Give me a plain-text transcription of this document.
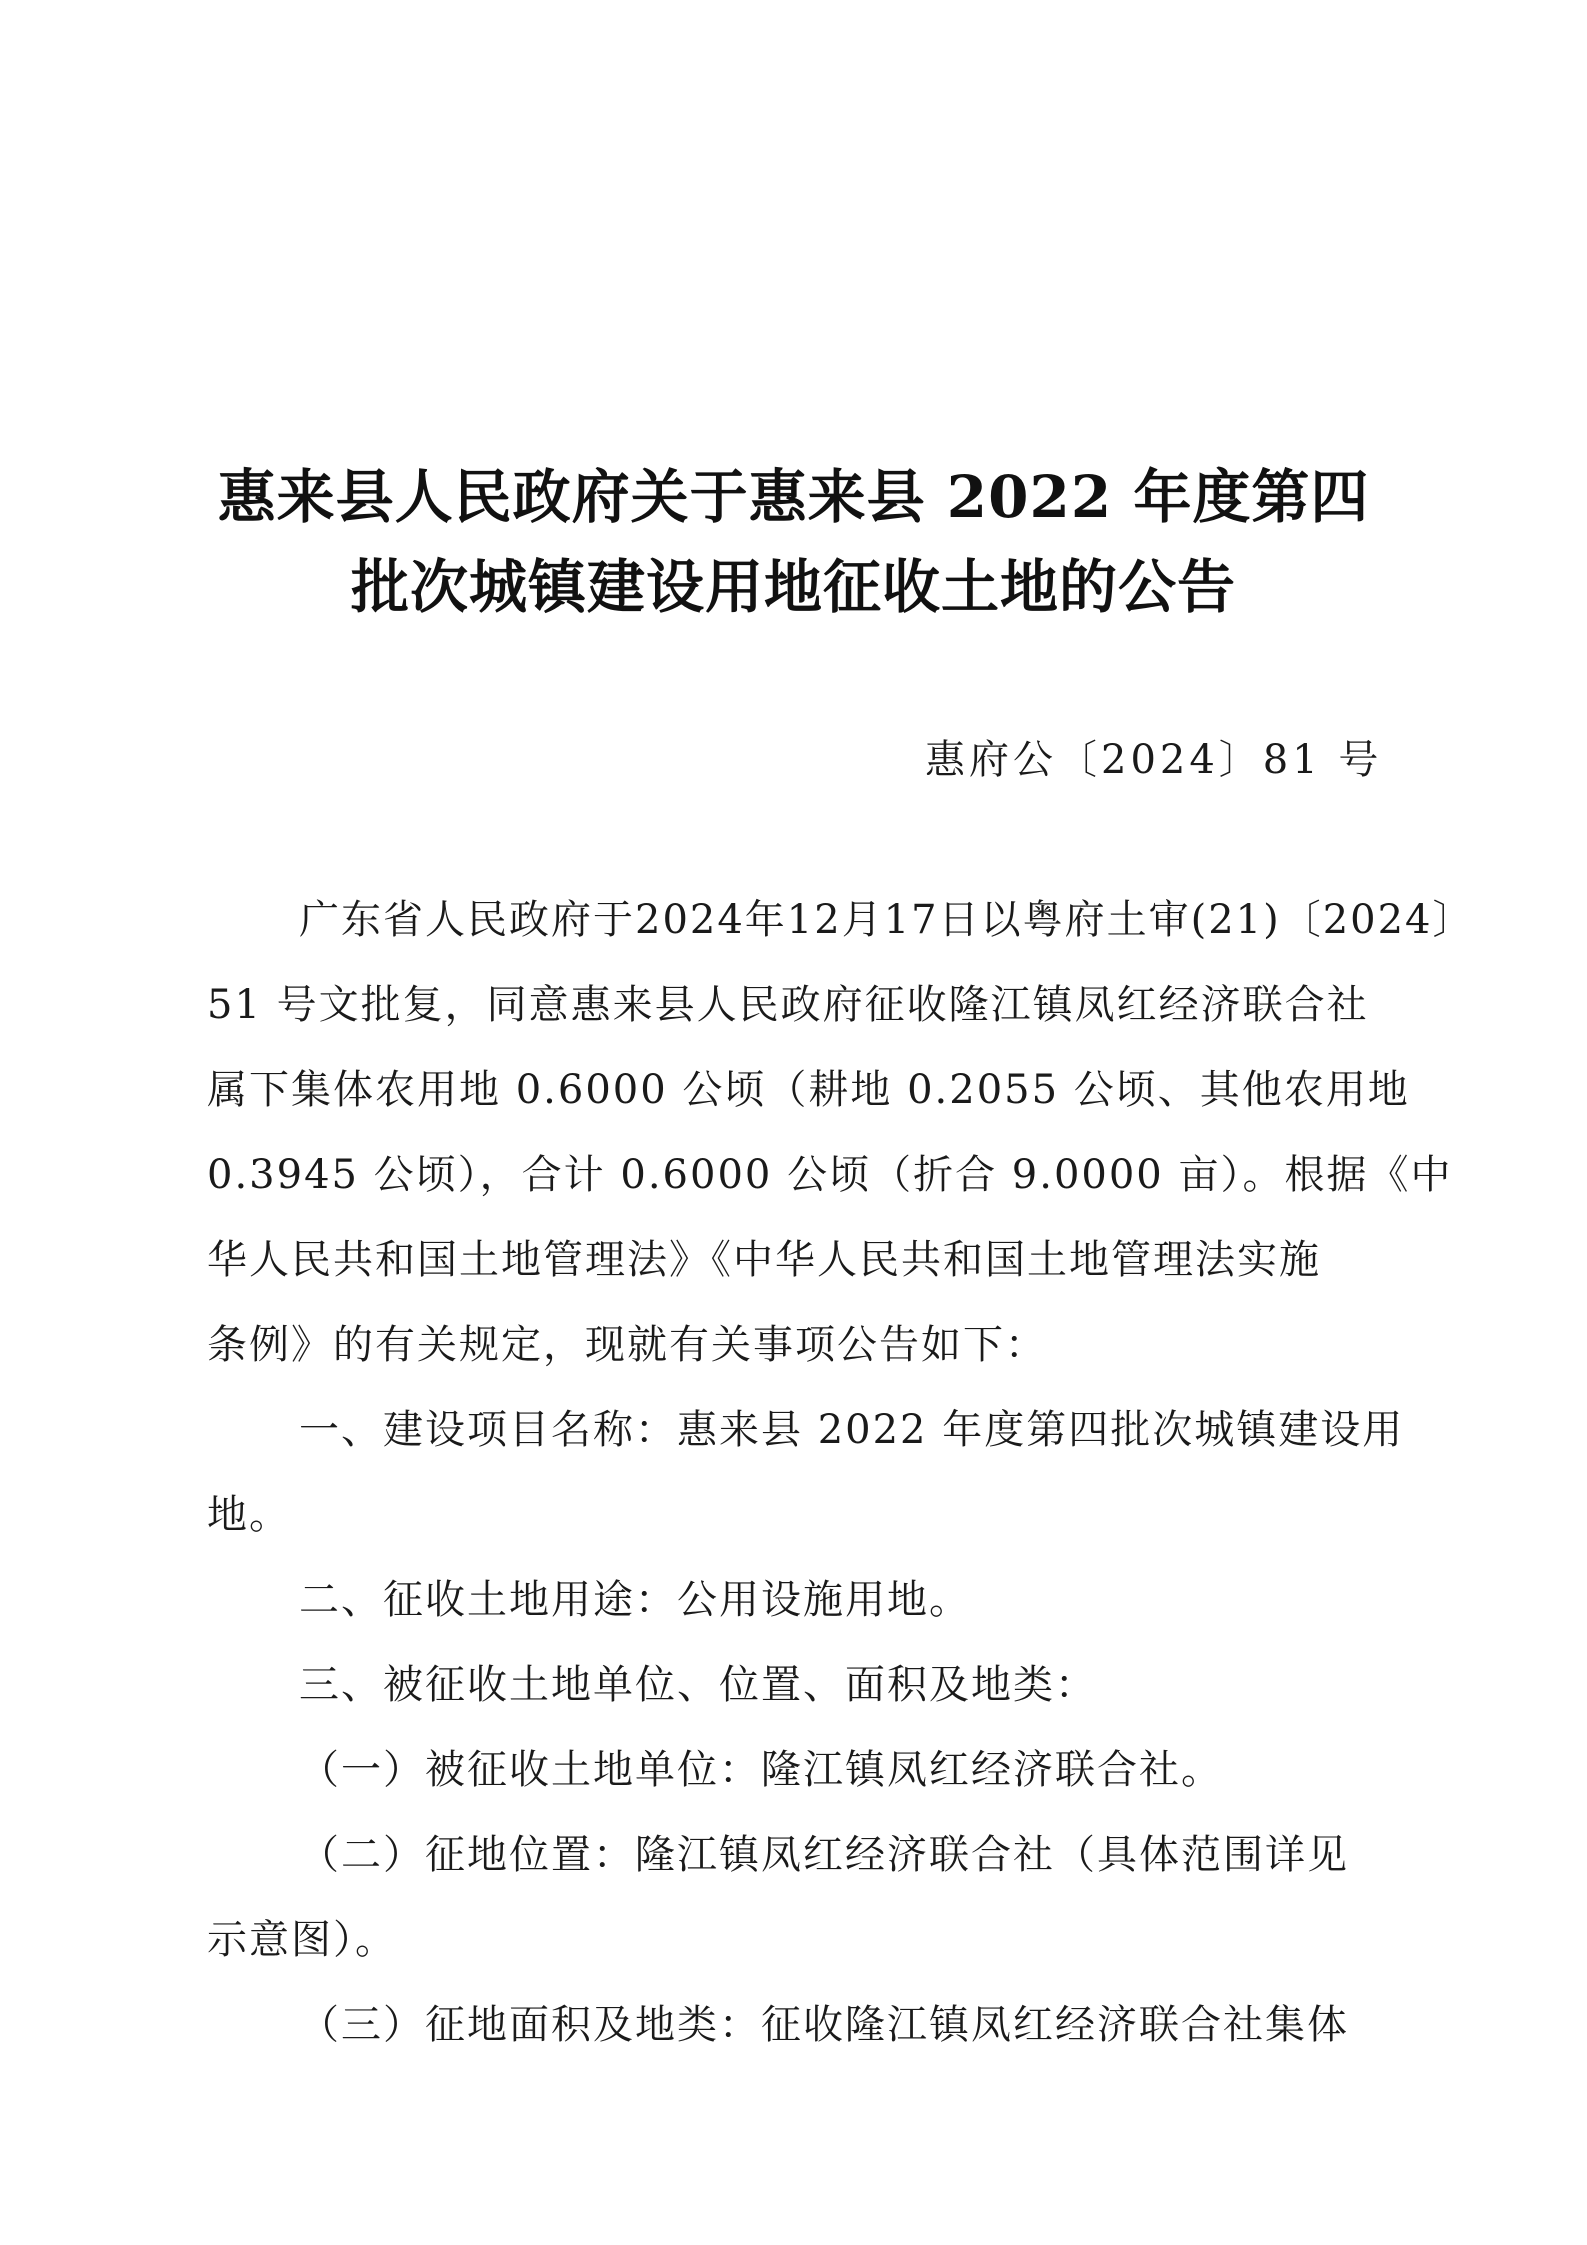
惠来县人民政府关于惠来县 2022 年度第四
批次城镇建设用地征收土地的公告
惠府公〔2024〕81 号

广东省人民政府于2024年12月17日以粤府土审(21)〔2024〕
51 号文批复，同意惠来县人民政府征收隆江镇凤红经济联合社
属下集体农用地 0.6000 公顷（耕地 0.2055 公顷、其他农用地
0.3945 公顷），合计 0.6000 公顷（折合 9.0000 亩）。根据《中
华人民共和国土地管理法》《中华人民共和国土地管理法实施
条例》的有关规定，现就有关事项公告如下：

一、建设项目名称：惠来县 2022 年度第四批次城镇建设用
地。

二、征收土地用途：公用设施用地。

三、被征收土地单位、位置、面积及地类：

（一）被征收土地单位：隆江镇凤红经济联合社。

（二）征地位置：隆江镇凤红经济联合社（具体范围详见
示意图）。

（三）征地面积及地类：征收隆江镇凤红经济联合社集体
